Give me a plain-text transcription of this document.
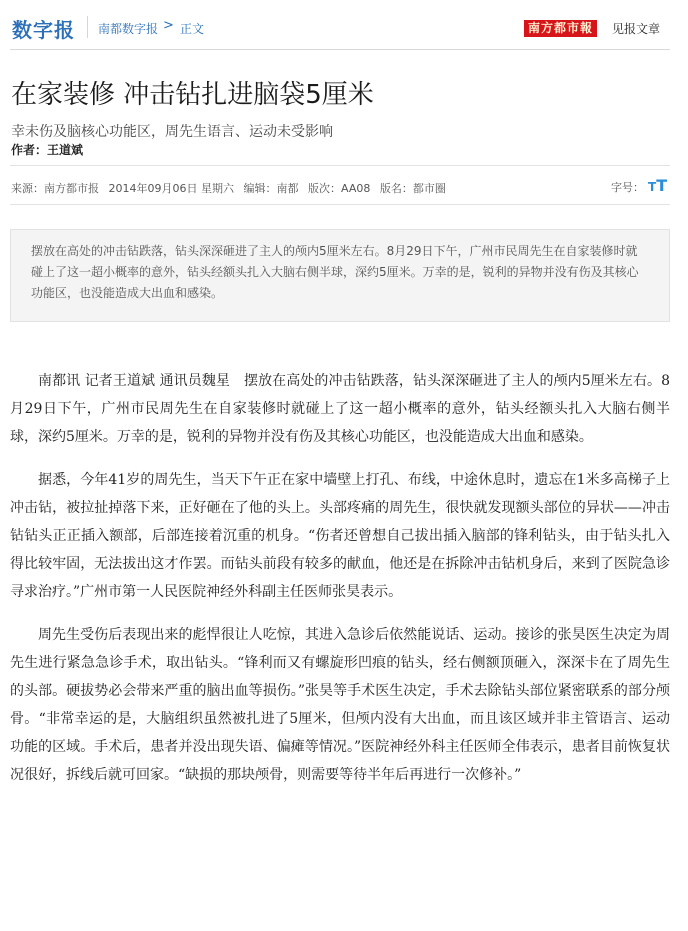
数字报 南都数字报 > 正文	南方都市報	见报文章
在家装修 冲击钻扎进脑袋5厘米
幸未伤及脑核心功能区，周先生语言、运动未受影响
作者：王道斌
来源：南方都市报 2014年09月06日 星期六 编辑：南都 版次：AA08 版名：都市圈	字号： TT
摆放在高处的冲击钻跌落，钻头深深砸进了主人的颅内5厘米左右。8月29日下午，广州市民周先生在自家装修时就碰上了这一超小概率的意外，钻头经额头扎入大脑右侧半球，深约5厘米。万幸的是，锐利的异物并没有伤及其核心功能区，也没能造成大出血和感染。

南都讯 记者王道斌 通讯员魏星　摆放在高处的冲击钻跌落，钻头深深砸进了主人的颅内5厘米左右。8月29日下午，广州市民周先生在自家装修时就碰上了这一超小概率的意外，钻头经额头扎入大脑右侧半球，深约5厘米。万幸的是，锐利的异物并没有伤及其核心功能区，也没能造成大出血和感染。

据悉，今年41岁的周先生，当天下午正在家中墙壁上打孔、布线，中途休息时，遗忘在1米多高梯子上冲击钻，被拉扯掉落下来，正好砸在了他的头上。头部疼痛的周先生，很快就发现额头部位的异状——冲击钻钻头正正插入额部，后部连接着沉重的机身。“伤者还曾想自己拔出插入脑部的锋利钻头，由于钻头扎入得比较牢固，无法拔出这才作罢。而钻头前段有较多的献血，他还是在拆除冲击钻机身后，来到了医院急诊寻求治疗。”广州市第一人民医院神经外科副主任医师张昊表示。

周先生受伤后表现出来的彪悍很让人吃惊，其进入急诊后依然能说话、运动。接诊的张昊医生决定为周先生进行紧急急诊手术，取出钻头。“锋利而又有螺旋形凹痕的钻头，经右侧额顶砸入，深深卡在了周先生的头部。硬拔势必会带来严重的脑出血等损伤。”张昊等手术医生决定，手术去除钻头部位紧密联系的部分颅骨。“非常幸运的是，大脑组织虽然被扎进了5厘米，但颅内没有大出血，而且该区域并非主管语言、运动功能的区域。手术后，患者并没出现失语、偏瘫等情况。”医院神经外科主任医师全伟表示，患者目前恢复状况很好，拆线后就可回家。“缺损的那块颅骨，则需要等待半年后再进行一次修补。”
